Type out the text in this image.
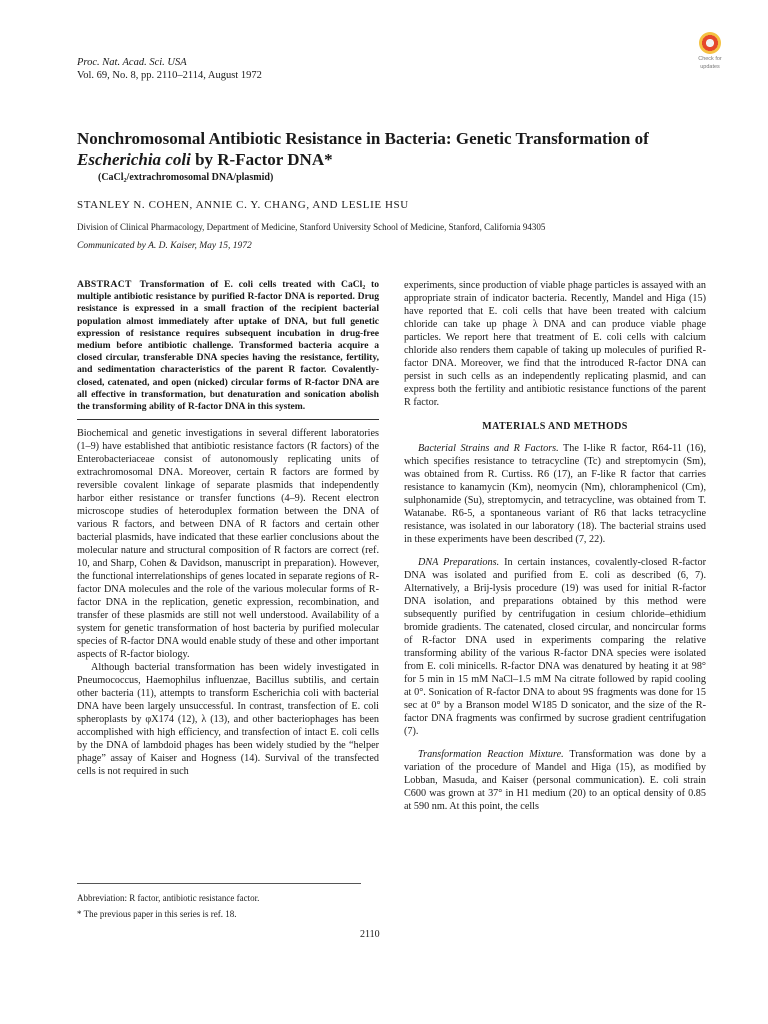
Proc. Nat. Acad. Sci. USA
Vol. 69, No. 8, pp. 2110–2114, August 1972
Check for
updates
Nonchromosomal Antibiotic Resistance in Bacteria: Genetic Transformation of Escherichia coli by R-Factor DNA*
(CaCl₂/extrachromosomal DNA/plasmid)
STANLEY N. COHEN, ANNIE C. Y. CHANG, AND LESLIE HSU
Division of Clinical Pharmacology, Department of Medicine, Stanford University School of Medicine, Stanford, California 94305
Communicated by A. D. Kaiser, May 15, 1972

ABSTRACT Transformation of E. coli cells treated with CaCl₂ to multiple antibiotic resistance by purified R-factor DNA is reported. Drug resistance is expressed in a small fraction of the recipient bacterial population almost immediately after uptake of DNA, but full genetic expression of resistance requires subsequent incubation in drug-free medium before antibiotic challenge. Transformed bacteria acquire a closed circular, transferable DNA species having the resistance, fertility, and sedimentation characteristics of the parent R factor. Covalently-closed, catenated, and open (nicked) circular forms of R-factor DNA are all effective in transformation, but denaturation and sonication abolish the transforming ability of R-factor DNA in this system.

Biochemical and genetic investigations in several different laboratories (1–9) have established that antibiotic resistance factors (R factors) of the Enterobacteriaceae consist of autonomously replicating units of extrachromosomal DNA. Moreover, certain R factors are formed by reversible covalent linkage of separate plasmids that independently harbor either resistance or transfer functions (4–9). Recent electron microscope studies of heteroduplex formation between the DNA of various R factors, and between DNA of R factors and certain other bacterial plasmids, have indicated that these earlier conclusions about the molecular nature and structural composition of R factors are correct (ref. 10, and Sharp, Cohen & Davidson, manuscript in preparation). However, the functional interrelationships of genes located in separate regions of R-factor DNA molecules and the role of the various molecular forms of R-factor DNA in the replication, genetic expression, recombination, and transfer of these plasmids are still not well understood. Availability of a system for genetic transformation of host bacteria by purified molecular species of R-factor DNA would enable study of these and other important aspects of R-factor biology.

Although bacterial transformation has been widely investigated in Pneumococcus, Haemophilus influenzae, Bacillus subtilis, and certain other bacteria (11), attempts to transform Escherichia coli with bacterial DNA have been largely unsuccessful. In contrast, transfection of E. coli spheroplasts by φX174 (12), λ (13), and other bacteriophages has been accomplished with high efficiency, and transfection of intact E. coli cells by the DNA of lambdoid phages has been widely studied by the “helper phage” assay of Kaiser and Hogness (14). Survival of the transfected cells is not required in such

experiments, since production of viable phage particles is assayed with an appropriate strain of indicator bacteria. Recently, Mandel and Higa (15) have reported that E. coli cells that have been treated with calcium chloride can take up phage λ DNA and can produce viable phage particles. We report here that treatment of E. coli cells with calcium chloride also renders them capable of taking up molecules of purified R-factor DNA. Moreover, we find that the introduced R-factor DNA can persist in such cells as an independently replicating plasmid, and can express both the fertility and antibiotic resistance functions of the parent R factor.

MATERIALS AND METHODS

Bacterial Strains and R Factors. The I-like R factor, R64-11 (16), which specifies resistance to tetracycline (Tc) and streptomycin (Sm), was obtained from R. Curtiss. R6 (17), an F-like R factor that carries resistance to kanamycin (Km), neomycin (Nm), chloramphenicol (Cm), sulphonamide (Su), streptomycin, and tetracycline, was obtained from T. Watanabe. R6-5, a spontaneous variant of R6 that lacks tetracycline resistance, was isolated in our laboratory (18). The bacterial strains used in these experiments have been described (7, 22).

DNA Preparations. In certain instances, covalently-closed R-factor DNA was isolated and purified from E. coli as described (6, 7). Alternatively, a Brij-lysis procedure (19) was used for initial R-factor DNA isolation, and preparations obtained by this method were subsequently purified by centrifugation in cesium chloride–ethidium bromide gradients. The catenated, closed circular, and noncircular forms of R-factor DNA used in experiments comparing the relative transforming ability of the various R-factor DNA species were isolated from E. coli minicells. R-factor DNA was denatured by heating it at 98° for 5 min in 15 mM NaCl–1.5 mM Na citrate followed by rapid cooling at 0°. Sonication of R-factor DNA to about 9S fragments was done for 15 sec at 0° by a Branson model W185 D sonicator, and the size of the R-factor DNA fragments was confirmed by sucrose gradient centrifugation (7).

Transformation Reaction Mixture. Transformation was done by a variation of the procedure of Mandel and Higa (15), as modified by Lobban, Masuda, and Kaiser (personal communication). E. coli strain C600 was grown at 37° in H1 medium (20) to an optical density of 0.85 at 590 nm. At this point, the cells

Abbreviation: R factor, antibiotic resistance factor.
* The previous paper in this series is ref. 18.
2110
